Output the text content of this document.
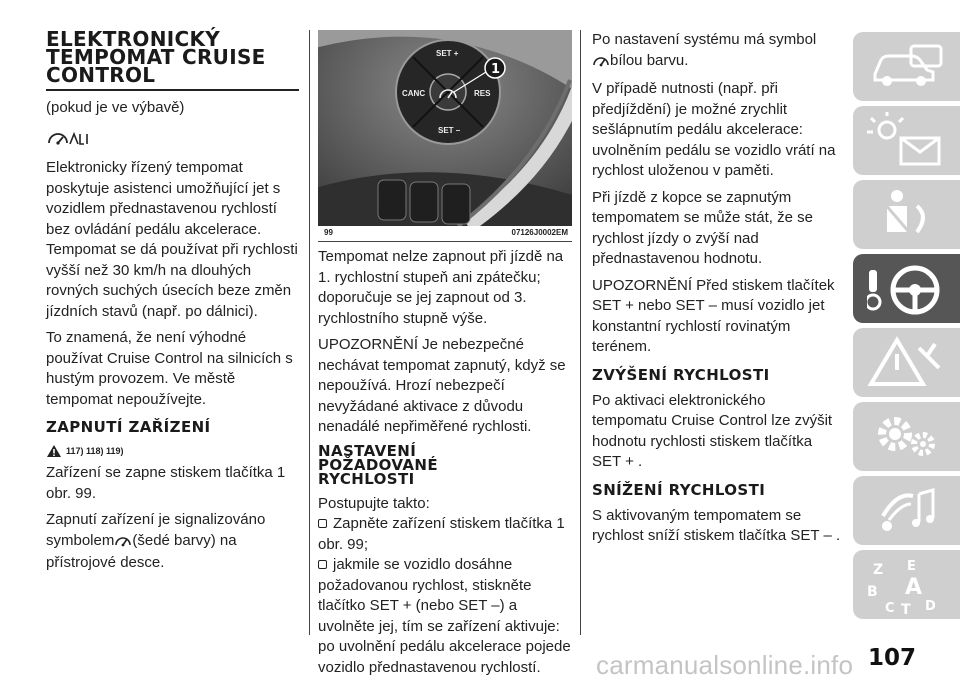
ELEKTRONICKÝ
TEMPOMAT CRUISE
CONTROL

(pokud je ve výbavě)

Elektronicky řízený tempomat poskytuje asistenci umožňující jet s vozidlem přednastavenou rychlostí bez ovládání pedálu akcelerace. Tempomat se dá používat při rychlosti vyšší než 30 km/h na dlouhých rovných suchých úsecích beze změn jízdních stavů (např. po dálnici).

To znamená, že není výhodné používat Cruise Control na silnicích s hustým provozem. Ve městě tempomat nepoužívejte.

ZAPNUTÍ ZAŘÍZENÍ
117) 118) 119)

Zařízení se zapne stiskem tlačítka 1 obr. 99.

Zapnutí zařízení je signalizováno symbolem (šedé barvy) na přístrojové desce.

SET +
CANC	RES
SET –
1
99	07126J0002EM

Tempomat nelze zapnout při jízdě na 1. rychlostní stupeň ani zpátečku; doporučuje se jej zapnout od 3. rychlostního stupně výše.

UPOZORNĚNÍ Je nebezpečné nechávat tempomat zapnutý, když se nepoužívá. Hrozí nebezpečí nevyžádané aktivace z důvodu nenadálé nepřiměřené rychlosti.

NASTAVENÍ
POŽADOVANÉ
RYCHLOSTI

Postupujte takto:

Zapněte zařízení stiskem tlačítka 1 obr. 99;

jakmile se vozidlo dosáhne požadovanou rychlost, stiskněte tlačítko SET + (nebo SET –) a uvolněte jej, tím se zařízení aktivuje: po uvolnění pedálu akcelerace pojede vozidlo přednastavenou rychlostí.

Po nastavení systému má symbol
bílou barvu.

V případě nutnosti (např. při předjíždění) je možné zrychlit sešlápnutím pedálu akcelerace: uvolněním pedálu se vozidlo vrátí na rychlost uloženou v paměti.

Při jízdě z kopce se zapnutým tempomatem se může stát, že se rychlost jízdy o zvýší nad přednastavenou hodnotu.

UPOZORNĚNÍ Před stiskem tlačítek SET + nebo SET – musí vozidlo jet konstantní rychlostí rovinatým terénem.

ZVÝŠENÍ RYCHLOSTI

Po aktivaci elektronického tempomatu Cruise Control lze zvýšit hodnotu rychlosti stiskem tlačítka SET + .

SNÍŽENÍ RYCHLOSTI

S aktivovaným tempomatem se rychlost sníží stiskem tlačítka SET – .

Z E
B A
C T D
carmanualsonline.info 107
